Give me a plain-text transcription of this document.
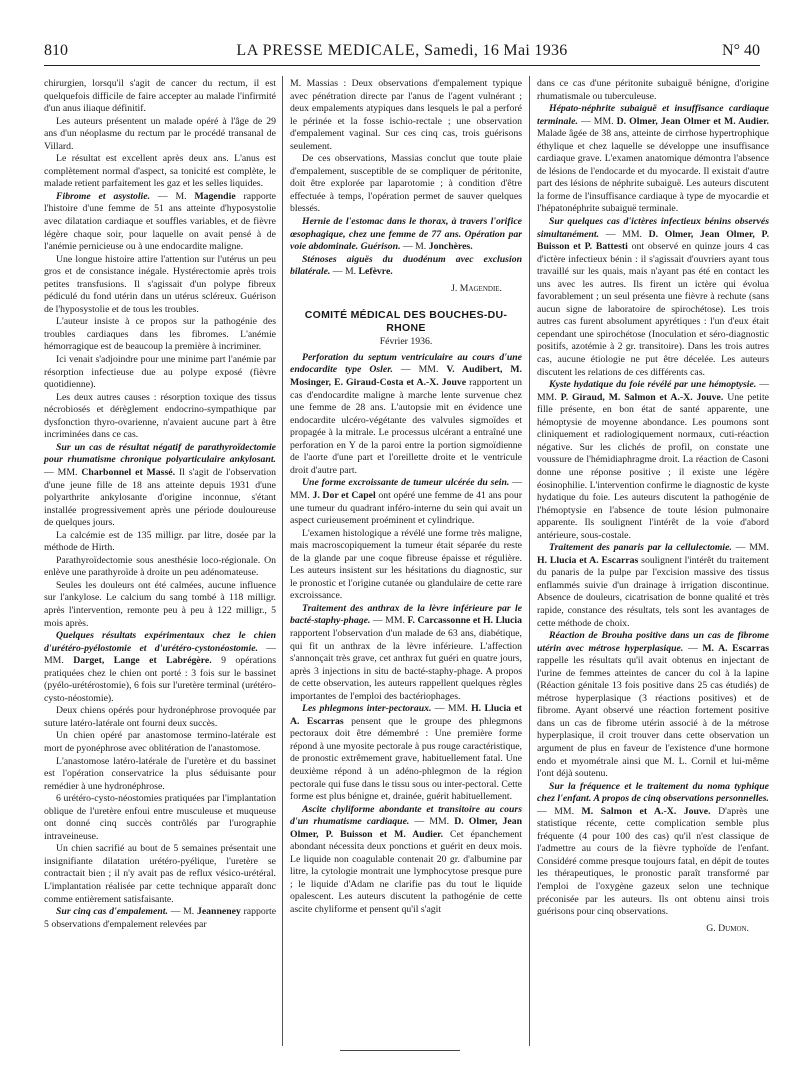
810	LA PRESSE MEDICALE, Samedi, 16 Mai 1936	N° 40

chirurgien, lorsqu'il s'agit de cancer du rectum, il est quelquefois difficile de faire accepter au malade l'infirmité d'un anus iliaque définitif.

Les auteurs présentent un malade opéré à l'âge de 29 ans d'un néoplasme du rectum par le procédé transanal de Villard.

Le résultat est excellent après deux ans. L'anus est complètement normal d'aspect, sa tonicité est complète, le malade retient parfaitement les gaz et les selles liquides.

Fibrome et asystolie. — M. Magendie rapporte l'histoire d'une femme de 51 ans atteinte d'hyposystolie avec dilatation cardiaque et souffles variables, et de fièvre légère chaque soir, pour laquelle on avait pensé à de l'anémie pernicieuse ou à une endocardite maligne.

Une longue histoire attire l'attention sur l'utérus un peu gros et de consistance inégale. Hystérectomie après trois petites transfusions. Il s'agissait d'un polype fibreux pédiculé du fond utérin dans un utérus scléreux. Guérison de l'hyposystolie et de tous les troubles.

L'auteur insiste à ce propos sur la pathogénie des troubles cardiaques dans les fibromes. L'anémie hémorragique est de beaucoup la première à incriminer.

Ici venait s'adjoindre pour une minime part l'anémie par résorption infectieuse due au polype exposé (fièvre quotidienne).

Les deux autres causes : résorption toxique des tissus nécrobiosés et dérèglement endocrino-sympathique par dysfonction thyro-ovarienne, n'avaient aucune part à être incriminées dans ce cas.

Sur un cas de résultat négatif de parathyroïdectomie pour rhumatisme chronique polyarticulaire ankylosant. — MM. Charbonnel et Massé. Il s'agit de l'observation d'une jeune fille de 18 ans atteinte depuis 1931 d'une polyarthrite ankylosante d'origine inconnue, s'étant installée progressivement après une période douloureuse de quelques jours.

La calcémie est de 135 milligr. par litre, dosée par la méthode de Hirth.

Parathyroïdectomie sous anesthésie loco-régionale. On enlève une parathyroïde à droite un peu adénomateuse.

Seules les douleurs ont été calmées, aucune influence sur l'ankylose. Le calcium du sang tombé à 118 milligr. après l'intervention, remonte peu à peu à 122 milligr., 5 mois après.

Quelques résultats expérimentaux chez le chien d'urétéro-pyélostomie et d'urétéro-cystonéostomie. — MM. Darget, Lange et Labrégère. 9 opérations pratiquées chez le chien ont porté : 3 fois sur le bassinet (pyélo-urétérostomie), 6 fois sur l'uretère terminal (urétéro-cysto-néostomie).

Deux chiens opérés pour hydronéphrose provoquée par suture latéro-latérale ont fourni deux succès.

Un chien opéré par anastomose termino-latérale est mort de pyonéphrose avec oblitération de l'anastomose.

L'anastomose latéro-latérale de l'uretère et du bassinet est l'opération conservatrice la plus séduisante pour remédier à une hydronéphrose.

6 urétéro-cysto-néostomies pratiquées par l'implantation oblique de l'uretère enfoui entre musculeuse et muqueuse ont donné cinq succès contrôlés par l'urographie intraveineuse.

Un chien sacrifié au bout de 5 semaines présentait une insignifiante dilatation urétéro-pyélique, l'uretère se contractait bien ; il n'y avait pas de reflux vésico-urétéral. L'implantation réalisée par cette technique apparaît donc comme entièrement satisfaisante.

Sur cinq cas d'empalement. — M. Jeanneney rapporte 5 observations d'empalement relevées par

M. Massias : Deux observations d'empalement typique avec pénétration directe par l'anus de l'agent vulnérant ; deux empalements atypiques dans lesquels le pal a perforé le périnée et la fosse ischio-rectale ; une observation d'empalement vaginal. Sur ces cinq cas, trois guérisons seulement.

De ces observations, Massias conclut que toute plaie d'empalement, susceptible de se compliquer de péritonite, doit être explorée par laparotomie ; à condition d'être effectuée à temps, l'opération permet de sauver quelques blessés.

Hernie de l'estomac dans le thorax, à travers l'orifice œsophagique, chez une femme de 77 ans. Opération par voie abdominale. Guérison. — M. Jonchères.

Sténoses aiguës du duodénum avec exclusion bilatérale. — M. Lefèvre.

J. Magendie.
COMITÉ MÉDICAL DES BOUCHES-DU-RHONE
Février 1936.

Perforation du septum ventriculaire au cours d'une endocardite type Osler. — MM. V. Audibert, M. Mosinger, E. Giraud-Costa et A.-X. Jouve rapportent un cas d'endocardite maligne à marche lente survenue chez une femme de 28 ans. L'autopsie mit en évidence une endocardite ulcéro-végétante des valvules sigmoïdes et propagée à la mitrale. Le processus ulcérant a entraîné une perforation en Y de la paroi entre la portion sigmoïdienne de l'aorte d'une part et l'oreillette droite et le ventricule droit d'autre part.

Une forme excroissante de tumeur ulcérée du sein. — MM. J. Dor et Capel ont opéré une femme de 41 ans pour une tumeur du quadrant inféro-interne du sein qui avait un aspect curieusement proéminent et cylindrique.

L'examen histologique a révélé une forme très maligne, mais macroscopiquement la tumeur était séparée du reste de la glande par une coque fibreuse épaisse et régulière. Les auteurs insistent sur les hésitations du diagnostic, sur le pronostic et l'origine cutanée ou glandulaire de cette rare excroissance.

Traitement des anthrax de la lèvre inférieure par le bacté-staphy-phage. — MM. F. Carcassonne et H. Llucia rapportent l'observation d'un malade de 63 ans, diabétique, qui fit un anthrax de la lèvre inférieure. L'affection s'annonçait très grave, cet anthrax fut guéri en quatre jours, après 3 injections in situ de bacté-staphy-phage. A propos de cette observation, les auteurs rappellent quelques règles importantes de l'emploi des bactériophages.

Les phlegmons inter-pectoraux. — MM. H. Llucia et A. Escarras pensent que le groupe des phlegmons pectoraux doit être démembré : Une première forme répond à une myosite pectorale à pus rouge caractéristique, de pronostic extrêmement grave, habituellement fatal. Une deuxième répond à un adéno-phlegmon de la région pectorale qui fuse dans le tissu sous ou inter-pectoral. Cette forme est plus bénigne et, drainée, guérit habituellement.

Ascite chyliforme abondante et transitoire au cours d'un rhumatisme cardiaque. — MM. D. Olmer, Jean Olmer, P. Buisson et M. Audier. Cet épanchement abondant nécessita deux ponctions et guérit en deux mois. Le liquide non coagulable contenait 20 gr. d'albumine par litre, la cytologie montrait une lymphocytose presque pure ; le liquide d'Adam ne clarifie pas du tout le liquide opalescent. Les auteurs discutent la pathogénie de cette ascite chyliforme et pensent qu'il s'agit

dans ce cas d'une péritonite subaiguë bénigne, d'origine rhumatismale ou tuberculeuse.

Hépato-néphrite subaiguë et insuffisance cardiaque terminale. — MM. D. Olmer, Jean Olmer et M. Audier. Malade âgée de 38 ans, atteinte de cirrhose hypertrophique éthylique et chez laquelle se développe une insuffisance cardiaque grave. L'examen anatomique démontra l'absence de lésions de l'endocarde et du myocarde. Il existait d'autre part des lésions de néphrite subaiguë. Les auteurs discutent la forme de l'insuffisance cardiaque à type de myocardie et l'hépatonéphrite subaiguë terminale.

Sur quelques cas d'ictères infectieux bénins observés simultanément. — MM. D. Olmer, Jean Olmer, P. Buisson et P. Battesti ont observé en quinze jours 4 cas d'ictère infectieux bénin : il s'agissait d'ouvriers ayant tous travaillé sur les quais, mais n'ayant pas été en contact les uns avec les autres. Ils firent un ictère qui évolua favorablement ; un seul présenta une fièvre à rechute (sans aucun signe de laboratoire de spirochétose). Les trois autres cas furent absolument apyrétiques : l'un d'eux était cependant une spirochétose (Inoculation et séro-diagnostic positifs, azotémie à 2 gr. transitoire). Dans les trois autres cas, aucune étiologie ne put être décelée. Les auteurs discutent les relations de ces différents cas.

Kyste hydatique du foie révélé par une hémoptysie. — MM. P. Giraud, M. Salmon et A.-X. Jouve. Une petite fille présente, en bon état de santé apparente, une hémoptysie de moyenne abondance. Les poumons sont cliniquement et radiologiquement normaux, cuti-réaction négative. Sur les clichés de profil, on constate une voussure de l'hémidiaphragme droit. La réaction de Casoni donne une réponse positive ; il existe une légère éosinophilie. L'intervention confirme le diagnostic de kyste hydatique du foie. Les auteurs discutent la pathogénie de l'hémoptysie en l'absence de toute lésion pulmonaire apparente. Ils soulignent l'intérêt de la voie d'abord antérieure, sous-costale.

Traitement des panaris par la cellulectomie. — MM. H. Llucia et A. Escarras soulignent l'intérêt du traitement du panaris de la pulpe par l'excision massive des tissus enflammés suivie d'un drainage à irrigation discontinue. Absence de douleurs, cicatrisation de bonne qualité et très rapide, constance des résultats, tels sont les avantages de cette méthode de choix.

Réaction de Brouha positive dans un cas de fibrome utérin avec métrose hyperplasique. — M. A. Escarras rappelle les résultats qu'il avait obtenus en injectant de l'urine de femmes atteintes de cancer du col à la lapine (Réaction génitale 13 fois positive dans 25 cas étudiés) de métrose hyperplasique (3 réactions positives) et de fibrome. Ayant observé une réaction fortement positive dans un cas de fibrome utérin associé à de la métrose hyperplasique, il croit trouver dans cette observation un argument de plus en faveur de l'existence d'une hormone endo et myométrale ainsi que M. L. Cornil et lui-même l'ont déjà soutenu.

Sur la fréquence et le traitement du noma typhique chez l'enfant. A propos de cinq observations personnelles. — MM. M. Salmon et A.-X. Jouve. D'après une statistique récente, cette complication semble plus fréquente (4 pour 100 des cas) qu'il n'est classique de l'admettre au cours de la fièvre typhoïde de l'enfant. Considéré comme presque toujours fatal, en dépit de toutes les thérapeutiques, le pronostic paraît transformé par l'emploi de l'oxygène gazeux selon une technique préconisée par les auteurs. Ils ont obtenu ainsi trois guérisons pour cinq observations.

G. Dumon.
